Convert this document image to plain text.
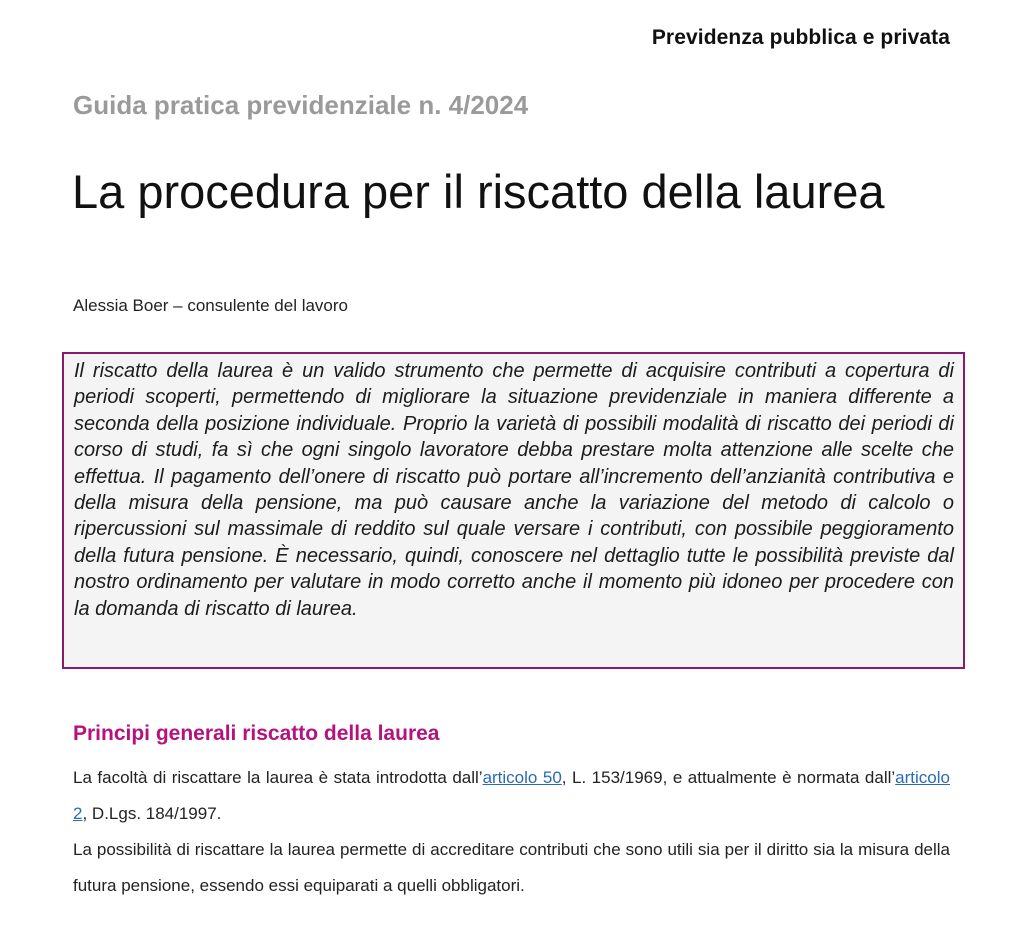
Previdenza pubblica e privata
Guida pratica previdenziale n. 4/2024
La procedura per il riscatto della laurea
Alessia Boer – consulente del lavoro

Il riscatto della laurea è un valido strumento che permette di acquisire contributi a copertura di periodi scoperti, permettendo di migliorare la situazione previdenziale in maniera differente a seconda della posizione individuale. Proprio la varietà di possibili modalità di riscatto dei periodi di corso di studi, fa sì che ogni singolo lavoratore debba prestare molta attenzione alle scelte che effettua. Il pagamento dell’onere di riscatto può portare all’incremento dell’anzianità contributiva e della misura della pensione, ma può causare anche la variazione del metodo di calcolo o ripercussioni sul massimale di reddito sul quale versare i contributi, con possibile peggioramento della futura pensione. È necessario, quindi, conoscere nel dettaglio tutte le possibilità previste dal nostro ordinamento per valutare in modo corretto anche il momento più idoneo per procedere con la domanda di riscatto di laurea.

Principi generali riscatto della laurea

La facoltà di riscattare la laurea è stata introdotta dall’articolo 50, L. 153/1969, e attualmente è normata dall’articolo 2, D.Lgs. 184/1997.

La possibilità di riscattare la laurea permette di accreditare contributi che sono utili sia per il diritto sia la misura della futura pensione, essendo essi equiparati a quelli obbligatori.
